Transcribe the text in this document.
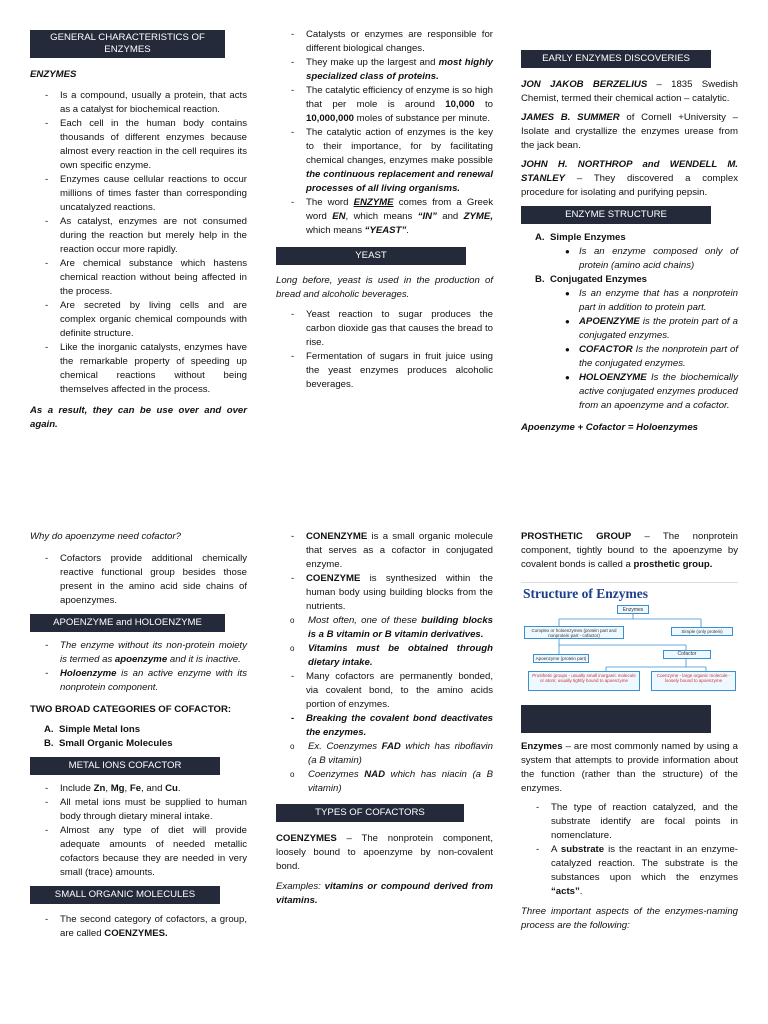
GENERAL CHARACTERISTICS OF ENZYMES

ENZYMES

- Is a compound, usually a protein, that acts as a catalyst for biochemical reaction.
- Each cell in the human body contains thousands of different enzymes because almost every reaction in the cell requires its own specific enzyme.
- Enzymes cause cellular reactions to occur millions of times faster than corresponding uncatalyzed reactions.
- As catalyst, enzymes are not consumed during the reaction but merely help in the reaction occur more rapidly.
- Are chemical substance which hastens chemical reaction without being affected in the process.
- Are secreted by living cells and are complex organic chemical compounds with definite structure.
- Like the inorganic catalysts, enzymes have the remarkable property of speeding up chemical reactions without being themselves affected in the process.

As a result, they can be use over and over again.

- Catalysts or enzymes are responsible for different biological changes.
- They make up the largest and most highly specialized class of proteins.
- The catalytic efficiency of enzyme is so high that per mole is around 10,000 to 10,000,000 moles of substance per minute.
- The catalytic action of enzymes is the key to their importance, for by facilitating chemical changes, enzymes make possible the continuous replacement and renewal processes of all living organisms.
- The word ENZYME comes from a Greek word EN, which means “IN” and ZYME, which means “YEAST”.
YEAST

Long before, yeast is used in the production of bread and alcoholic beverages.

- Yeast reaction to sugar produces the carbon dioxide gas that causes the bread to rise.
- Fermentation of sugars in fruit juice using the yeast enzymes produces alcoholic beverages.
EARLY ENZYMES DISCOVERIES

JON JAKOB BERZELIUS – 1835 Swedish Chemist, termed their chemical action – catalytic.

JAMES B. SUMMER of Cornell +University – Isolate and crystallize the enzymes urease from the jack bean.

JOHN H. NORTHROP and WENDELL M. STANLEY – They discovered a complex procedure for isolating and purifying pepsin.

ENZYME STRUCTURE
A. Simple Enzymes
● Is an enzyme composed only of protein (amino acid chains)
B. Conjugated Enzymes
● Is an enzyme that has a nonprotein part in addition to protein part.
● APOENZYME is the protein part of a conjugated enzymes.
● COFACTOR Is the nonprotein part of the conjugated enzymes.
● HOLOENZYME Is the biochemically active conjugated enzymes produced from an apoenzyme and a cofactor.

Apoenzyme + Cofactor = Holoenzymes

Why do apoenzyme need cofactor?

- Cofactors provide additional chemically reactive functional group besides those present in the amino acid side chains of apoenzymes.
APOENZYME and HOLOENZYME
- The enzyme without its non-protein moiety is termed as apoenzyme and it is inactive.
- Holoenzyme is an active enzyme with its nonprotein component.

TWO BROAD CATEGORIES OF COFACTOR:

A. Simple Metal Ions
B. Small Organic Molecules
METAL IONS COFACTOR
- Include Zn, Mg, Fe, and Cu.
- All metal ions must be supplied to human body through dietary mineral intake.
- Almost any type of diet will provide adequate amounts of needed metallic cofactors because they are needed in very small (trace) amounts.
SMALL ORGANIC MOLECULES
- The second category of cofactors, a group, are called COENZYMES.
- CONENZYME is a small organic molecule that serves as a cofactor in conjugated enzyme.
- COENZYME is synthesized within the human body using building blocks from the nutrients.
o Most often, one of these building blocks is a B vitamin or B vitamin derivatives.
o Vitamins must be obtained through dietary intake.
- Many cofactors are permanently bonded, via covalent bond, to the amino acids portion of enzymes.
- Breaking the covalent bond deactivates the enzymes.
o Ex. Coenzymes FAD which has riboflavin (a B vitamin)
o Coenzymes NAD which has niacin (a B vitamin)
TYPES OF COFACTORS

COENZYMES – The nonprotein component, loosely bound to apoenzyme by non-covalent bond.

Examples: vitamins or compound derived from vitamins.

PROSTHETIC GROUP – The nonprotein component, tightly bound to the apoenzyme by covalent bonds is called a prosthetic group.

Structure of Enzymes
Enzymes
Complex or holoenzymes (protein part and nonprotein part - cofactor)
Simple (only protein)
Apoenzyme (protein part)
Cofactor
Prosthetic groups - usually small inorganic molecule or atom; usually tightly bound to apoenzyme
Coenzyme - large organic molecule - loosely bound to apoenzyme

Enzymes – are most commonly named by using a system that attempts to provide information about the function (rather than the structure) of the enzymes.

- The type of reaction catalyzed, and the substrate identify are focal points in nomenclature.
- A substrate is the reactant in an enzyme-catalyzed reaction. The substrate is the substances upon which the enzymes “acts”.

Three important aspects of the enzymes-naming process are the following:
